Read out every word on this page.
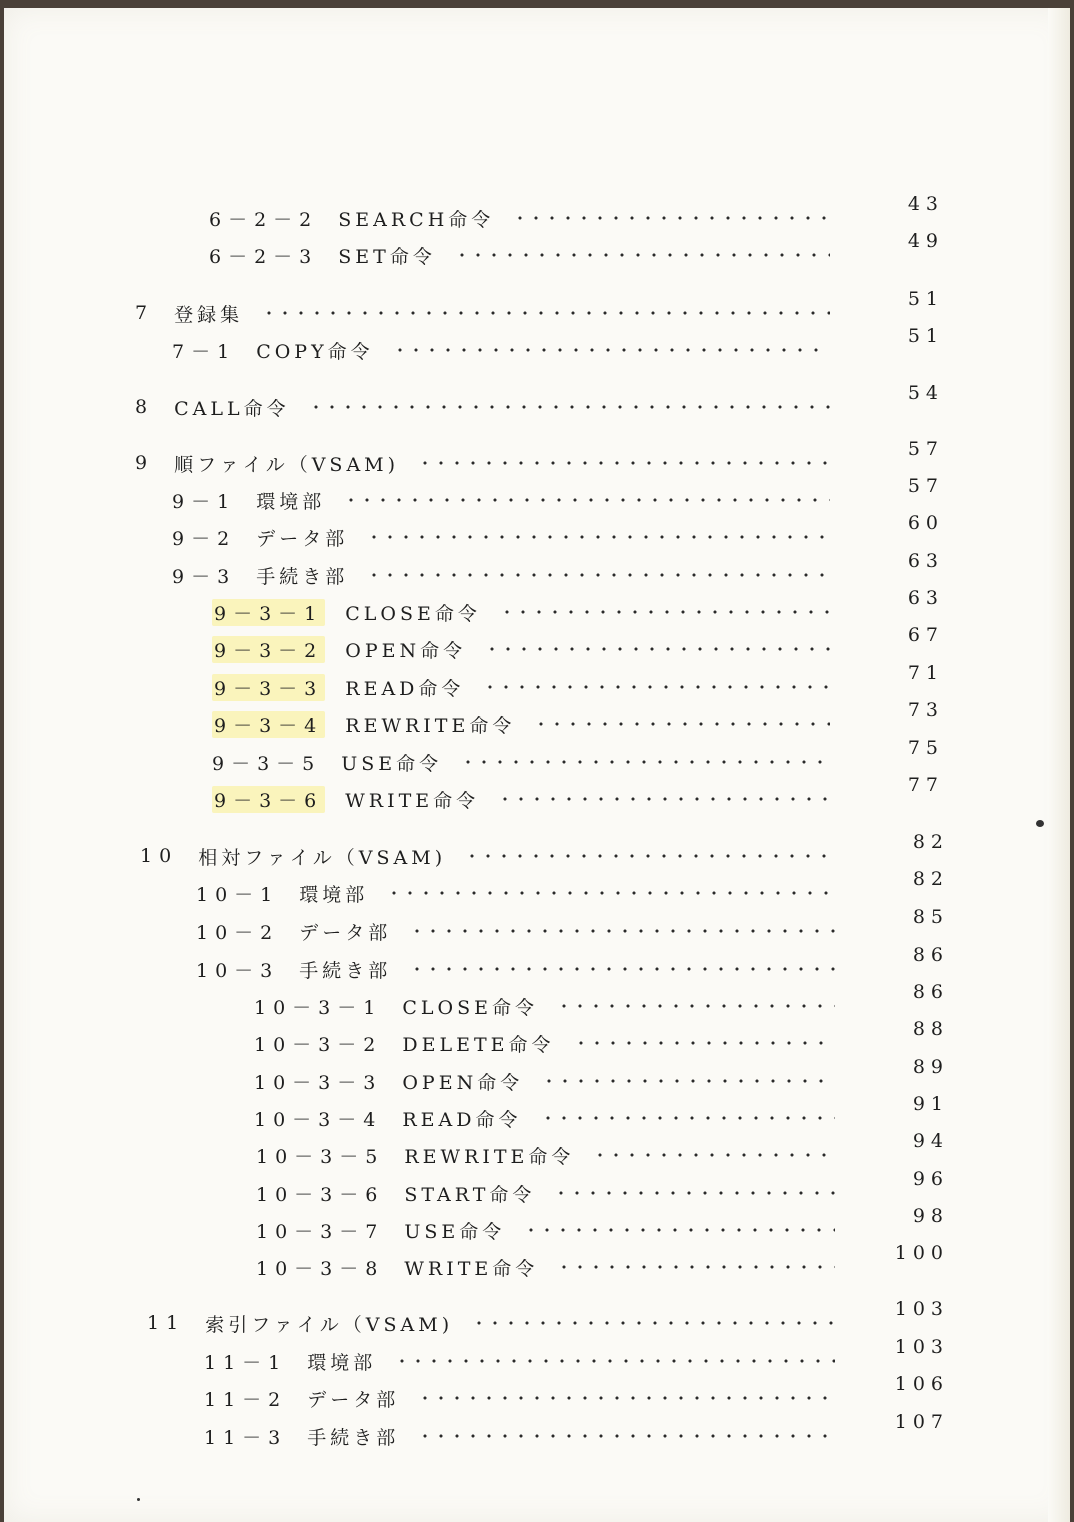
6－2－2 SEARCH命令
43
6－2－3 SET命令
49
7 登録集
51
7－1 COPY命令
51
8 CALL命令
54
9 順ファイル（VSAM)
57
9－1 環境部
57
9－2 データ部
60
9－3 手続き部
63
9－3－1 CLOSE命令
63
9－3－2 OPEN命令
67
9－3－3 READ命令
71
9－3－4 REWRITE命令
73
9－3－5 USE命令
75
9－3－6 WRITE命令
77
10 相対ファイル（VSAM)
82
10－1 環境部
82
10－2 データ部
85
10－3 手続き部
86
10－3－1 CLOSE命令
86
10－3－2 DELETE命令
88
10－3－3 OPEN命令
89
10－3－4 READ命令
91
10－3－5 REWRITE命令
94
10－3－6 START命令
96
10－3－7 USE命令
98
10－3－8 WRITE命令
100
11 索引ファイル（VSAM)
103
11－1 環境部
103
11－2 データ部
106
11－3 手続き部
107
